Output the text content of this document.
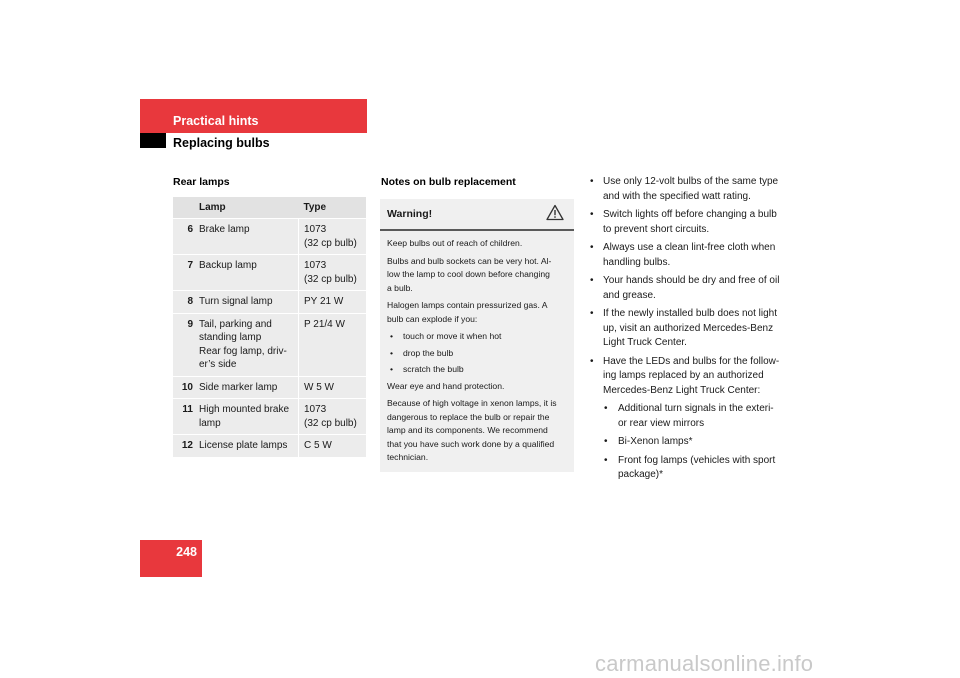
Practical hints
Replacing bulbs
Rear lamps
	Lamp	Type
6	Brake lamp	1073
(32 cp bulb)
7	Backup lamp	1073
(32 cp bulb)
8	Turn signal lamp	PY 21 W
9	Tail, parking and
standing lamp
Rear fog lamp, driv-
er’s side	P 21/4 W
10	Side marker lamp	W 5 W
11	High mounted brake
lamp	1073
(32 cp bulb)
12	License plate lamps	C 5 W
Notes on bulb replacement
Warning!

Keep bulbs out of reach of children.

Bulbs and bulb sockets can be very hot. Al-
low the lamp to cool down before changing
a bulb.

Halogen lamps contain pressurized gas. A
bulb can explode if you:

• touch or move it when hot
• drop the bulb
• scratch the bulb

Wear eye and hand protection.

Because of high voltage in xenon lamps, it is
dangerous to replace the bulb or repair the
lamp and its components. We recommend
that you have such work done by a qualified
technician.

• Use only 12-volt bulbs of the same type
and with the specified watt rating.
• Switch lights off before changing a bulb
to prevent short circuits.
• Always use a clean lint-free cloth when
handling bulbs.
• Your hands should be dry and free of oil
and grease.
• If the newly installed bulb does not light
up, visit an authorized Mercedes-Benz
Light Truck Center.
• Have the LEDs and bulbs for the follow-
ing lamps replaced by an authorized
Mercedes-Benz Light Truck Center:
• Additional turn signals in the exteri-
or rear view mirrors
• Bi-Xenon lamps*
• Front fog lamps (vehicles with sport
package)*
248
carmanualsonline.info
